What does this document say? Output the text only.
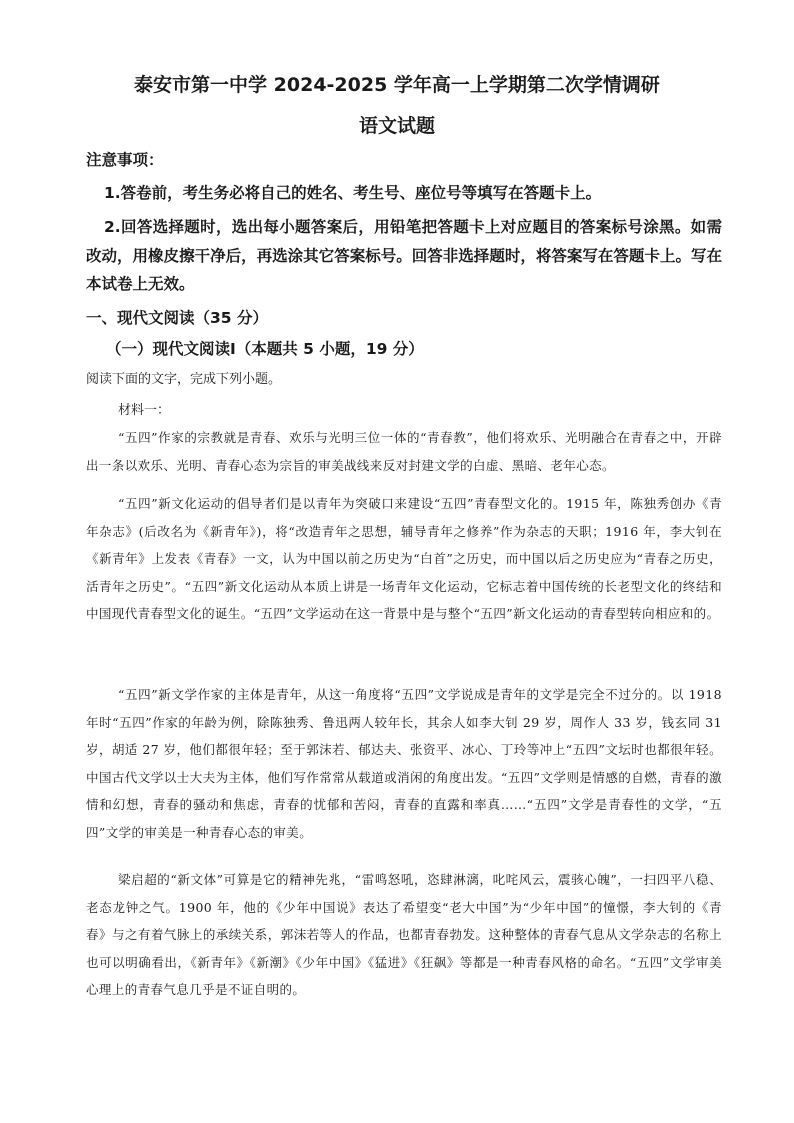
泰安市第一中学 2024-2025 学年高一上学期第二次学情调研
语文试题
注意事项：
1.答卷前，考生务必将自己的姓名、考生号、座位号等填写在答题卡上。
2.回答选择题时，选出每小题答案后，用铅笔把答题卡上对应题目的答案标号涂黑。如需改动，用橡皮擦干净后，再选涂其它答案标号。回答非选择题时，将答案写在答题卡上。写在本试卷上无效。
一、现代文阅读（35 分）
（一）现代文阅读Ⅰ（本题共 5 小题，19 分）
阅读下面的文字，完成下列小题。
材料一：
“五四”作家的宗教就是青春、欢乐与光明三位一体的“青春教”，他们将欢乐、光明融合在青春之中，开辟出一条以欢乐、光明、青春心态为宗旨的审美战线来反对封建文学的白虚、黑暗、老年心态。
“五四”新文化运动的倡导者们是以青年为突破口来建设“五四”青春型文化的。1915 年，陈独秀创办《青年杂志》(后改名为《新青年》)，将“改造青年之思想，辅导青年之修养”作为杂志的天职；1916 年，李大钊在《新青年》上发表《青春》一文，认为中国以前之历史为“白首”之历史，而中国以后之历史应为“青春之历史，活青年之历史”。“五四”新文化运动从本质上讲是一场青年文化运动，它标志着中国传统的长老型文化的终结和中国现代青春型文化的诞生。“五四”文学运动在这一背景中是与整个“五四”新文化运动的青春型转向相应和的。
“五四”新文学作家的主体是青年，从这一角度将“五四”文学说成是青年的文学是完全不过分的。以 1918 年时“五四”作家的年龄为例，除陈独秀、鲁迅两人较年长，其余人如李大钊 29 岁，周作人 33 岁，钱玄同 31 岁，胡适 27 岁，他们都很年轻；至于郭沫若、郁达夫、张资平、冰心、丁玲等冲上“五四”文坛时也都很年轻。中国古代文学以士大夫为主体，他们写作常常从载道或消闲的角度出发。“五四”文学则是情感的自燃，青春的激情和幻想，青春的骚动和焦虑，青春的忧郁和苦闷，青春的直露和率真……“五四”文学是青春性的文学，“五四”文学的审美是一种青春心态的审美。
梁启超的“新文体”可算是它的精神先兆，“雷鸣怒吼，恣肆淋漓，叱咤风云，震骇心魄”，一扫四平八稳、老态龙钟之气。1900 年，他的《少年中国说》表达了希望变“老大中国”为“少年中国”的憧憬，李大钊的《青春》与之有着气脉上的承续关系，郭沫若等人的作品，也都青春勃发。这种整体的青春气息从文学杂志的名称上也可以明确看出，《新青年》《新潮》《少年中国》《猛进》《狂飙》等都是一种青春风格的命名。“五四”文学审美心理上的青春气息几乎是不证自明的。
